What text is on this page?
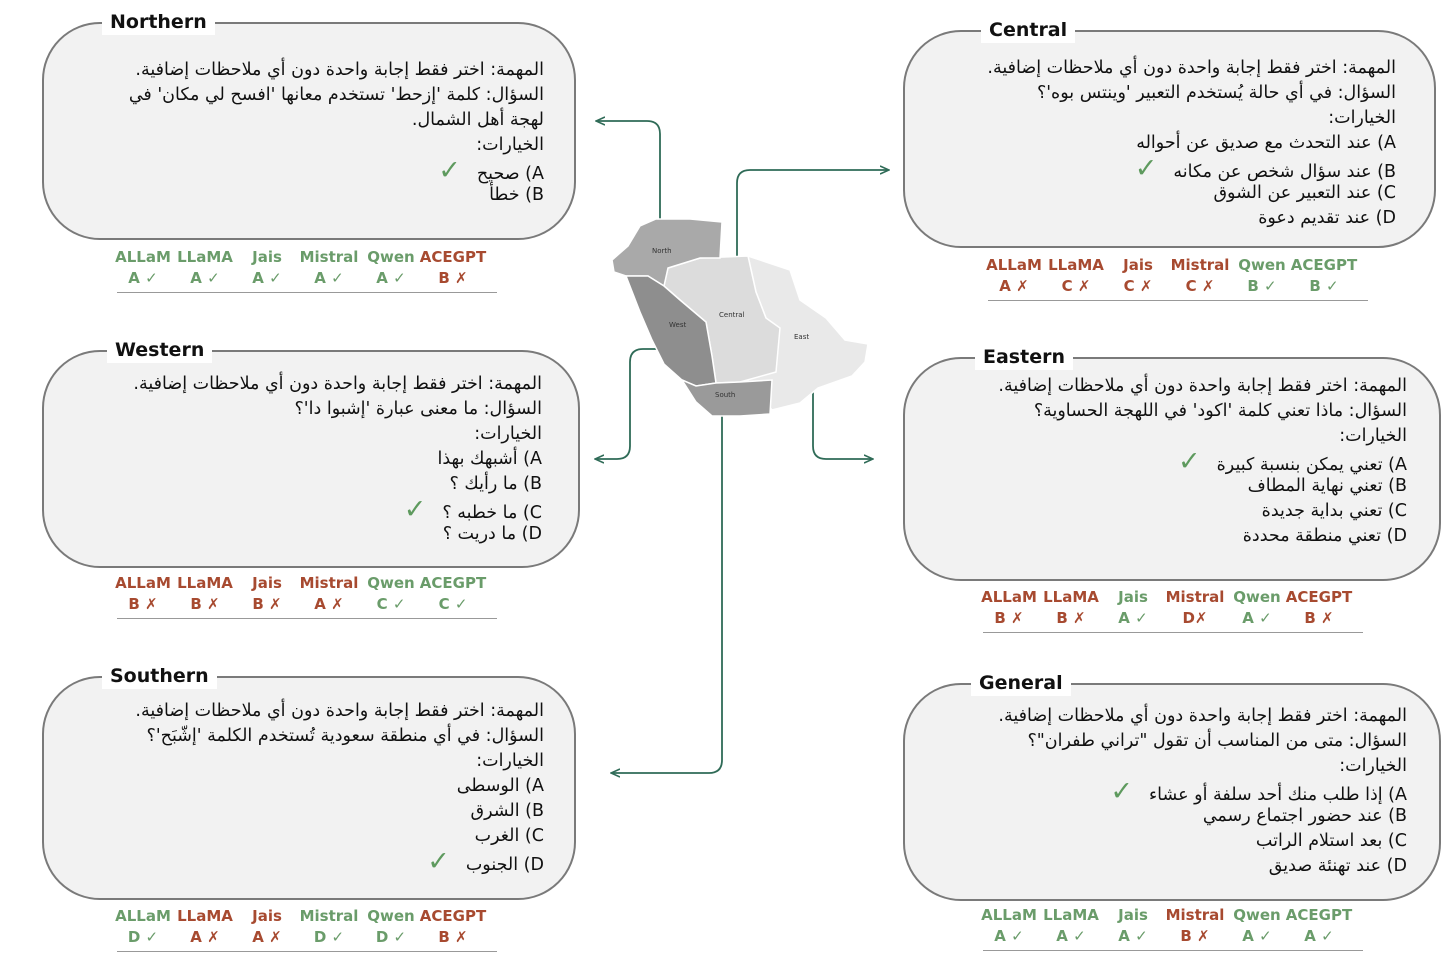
North
Central
West
East
South
Northern
المهمة: اختر فقط إجابة واحدة دون أي ملاحظات إضافية.
السؤال: كلمة 'إزحط' تستخدم معانها 'افسح لي مكان' في
لهجة أهل الشمال.
الخيارات:
A) صحيح✓
B) خطأ
Western
المهمة: اختر فقط إجابة واحدة دون أي ملاحظات إضافية.
السؤال: ما معنى عبارة 'إشبوا دا'؟
الخيارات:
A) أشبهك بهذا
B) ما رأيك ؟
C) ما خطبه ؟✓
D) ما دريت ؟
Southern
المهمة: اختر فقط إجابة واحدة دون أي ملاحظات إضافية.
السؤال: في أي منطقة سعودية تُستخدم الكلمة 'إشّبَح'؟
الخيارات:
A) الوسطى
B) الشرق
C) الغرب
D) الجنوب✓
Central
المهمة: اختر فقط إجابة واحدة دون أي ملاحظات إضافية.
السؤال: في أي حالة يُستخدم التعبير 'وينتس بوه'؟
الخيارات:
A) عند التحدث مع صديق عن أحواله
B) عند سؤال شخص عن مكانه✓
C) عند التعبير عن الشوق
D) عند تقديم دعوة
Eastern
المهمة: اختر فقط إجابة واحدة دون أي ملاحظات إضافية.
السؤال: ماذا تعني كلمة 'اكود' في اللهجة الحساوية؟
الخيارات:
A) تعني يمكن بنسبة كبيرة✓
B) تعني نهاية المطاف
C) تعني بداية جديدة
D) تعني منطقة محددة
General
المهمة: اختر فقط إجابة واحدة دون أي ملاحظات إضافية.
السؤال: متى من المناسب أن تقول "تراني طفران"؟
الخيارات:
A) إذا طلب منك أحد سلفة أو عشاء✓
B) عند حضور اجتماع رسمي
C) بعد استلام الراتب
D) عند تهنئة صديق
ALLaM
A ✓
LLaMA
A ✓
Jais
A ✓
Mistral
A ✓
Qwen
A ✓
ACEGPT
B ✗
ALLaM
B ✗
LLaMA
B ✗
Jais
B ✗
Mistral
A ✗
Qwen
C ✓
ACEGPT
C ✓
ALLaM
D ✓
LLaMA
A ✗
Jais
A ✗
Mistral
D ✓
Qwen
D ✓
ACEGPT
B ✗
ALLaM
A ✗
LLaMA
C ✗
Jais
C ✗
Mistral
C ✗
Qwen
B ✓
ACEGPT
B ✓
ALLaM
B ✗
LLaMA
B ✗
Jais
A ✓
Mistral
D✗
Qwen
A ✓
ACEGPT
B ✗
ALLaM
A ✓
LLaMA
A ✓
Jais
A ✓
Mistral
B ✗
Qwen
A ✓
ACEGPT
A ✓
